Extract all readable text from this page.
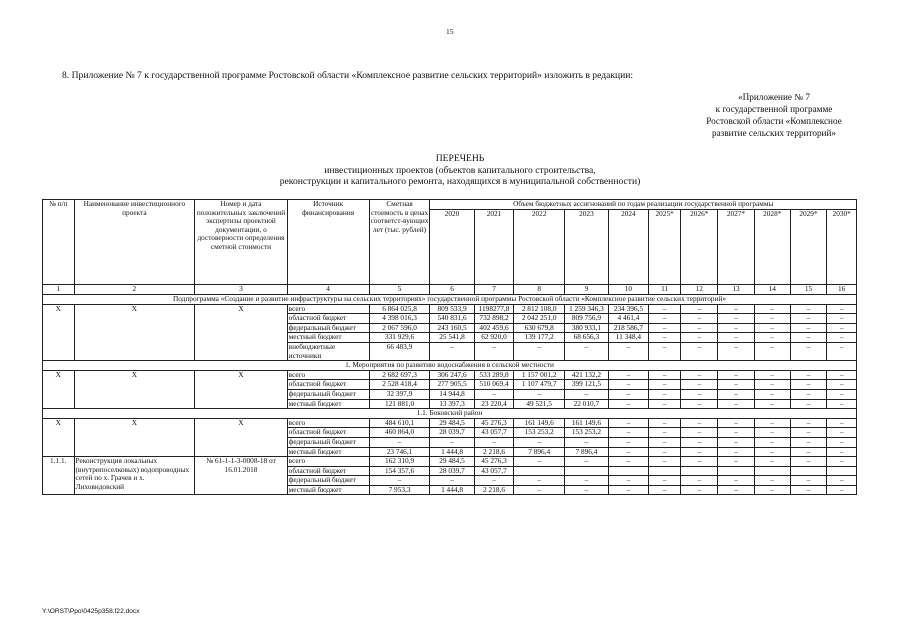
15
8. Приложение № 7 к государственной программе Ростовской области «Комплексное развитие сельских территорий» изложить в редакции:
«Приложение № 7
к государственной программе
Ростовской области «Комплексное
развитие сельских территорий»
ПЕРЕЧЕНЬ
инвестиционных проектов (объектов капитального строительства,
реконструкции и капитального ремонта, находящихся в муниципальной собственности)
№ п/п	Наименование инвестиционного проекта	Номер и дата положительных заключений экспертизы проектной документации, о достоверности определения сметной стоимости	Источник финансирования	Сметная стоимость в ценах соответст-вующих лет (тыс. рублей)	Объем бюджетных ассигнований по годам реализации государственной программы										
					2020	2021	2022	2023	2024	2025*	2026*	2027*	2028*	2029*	2030*
1	2	3	4	5	6	7	8	9	10	11	12	13	14	15	16
Подпрограмма «Создание и развитие инфраструктуры на сельских территориях» государственной программы Ростовской области «Комплексное развитие сельских территорий»															
X	X	X	всего	6 864 025,8	809 533,9	1198277,8	2 812 108,0	1 259 346,3	234 396,5	–	–	–	–	–	–
			областной бюджет	4 398 016,3	540 831,6	732 898,2	2 042 251,0	809 756,9	4 461,4	–	–	–	–	–	–
			федеральный бюджет	2 067 596,0	243 160,5	402 459,6	630 679,8	380 933,1	218 586,7	–	–	–	–	–	–
			местный бюджет	331 929,6	25 541,8	62 920,0	139 177,2	68 656,3	11 348,4	–	–	–	–	–	–
			внебюджетные источники	66 483,9	–	–	–	–	–	–	–	–	–	–	–
1. Мероприятия по развитию водоснабжения в сельской местности															
X	X	X	всего	2 682 697,3	306 247,6	533 289,8	1 157 001,2	421 132,2	–	–	–	–	–	–	–
			областной бюджет	2 528 418,4	277 905,5	510 069,4	1 107 479,7	399 121,5	–	–	–	–	–	–	–
			федеральный бюджет	32 397,9	14 944,8	–	–	–	–	–	–	–	–	–	–
			местный бюджет	121 881,0	13 397,3	23 220,4	49 521,5	22 010,7	–	–	–	–	–	–	–
1.1. Боковский район															
X	X	X	всего	484 610,1	29 484,5	45 276,3	161 149,6	161 149,6	–	–	–	–	–	–	–
			областной бюджет	460 864,0	28 039,7	43 057,7	153 253,2	153 253,2	–	–	–	–	–	–	–
			федеральный бюджет	–	–	–	–	–	–	–	–	–	–	–	–
			местный бюджет	23 746,1	1 444,8	2 218,6	7 896,4	7 896,4	–	–	–	–	–	–	–
1.1.1.	Реконструкция локальных (внутрипоселковых) водопроводных сетей по х. Грачев и х. Лиховидовский	№ 61-1-1-3-0008-18 от 16.01.2018	всего	162 310,9	29 484,5	45 276,3	–	–	–	–	–	–	–	–	–
			областной бюджет	154 357,6	28 039,7	43 057,7									
			федеральный бюджет	–	–	–	–	–	–	–	–	–	–	–	–
			местный бюджет	7 953,3	1 444,8	2 218,6	–	–	–	–	–	–	–	–	–
Y:\ORST\Ppo\0425p358.f22.docx
